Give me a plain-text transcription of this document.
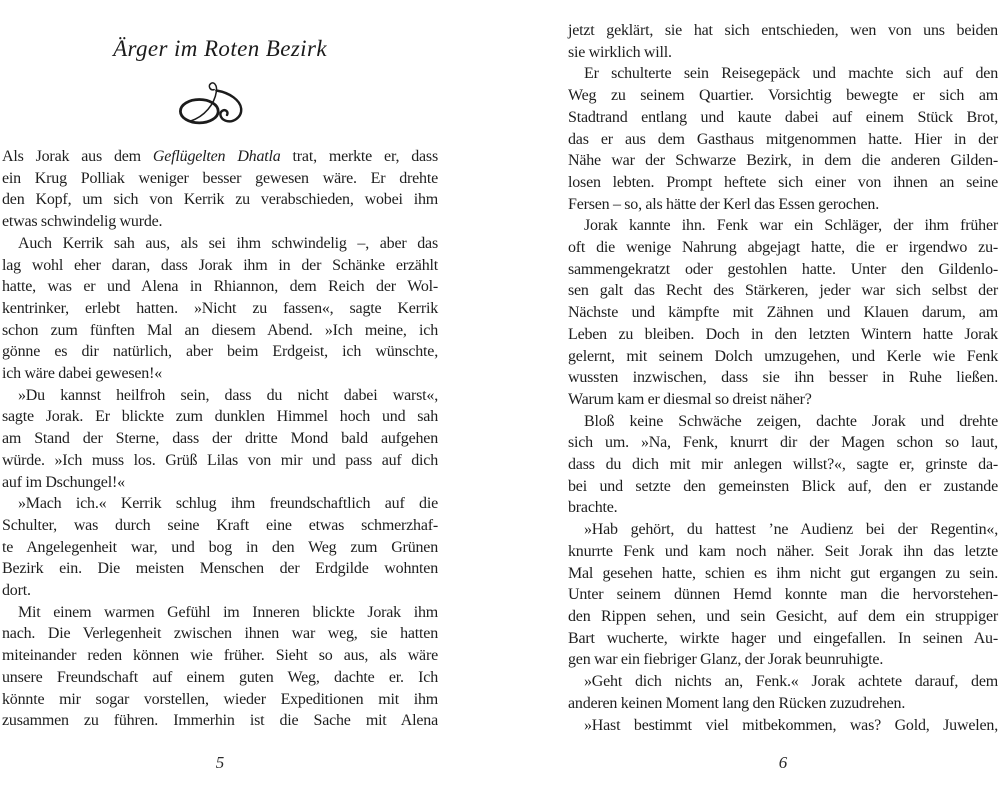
Ärger im Roten Bezirk
Als Jorak aus dem Geflügelten Dhatla trat, merkte er, dass
ein Krug Polliak weniger besser gewesen wäre. Er drehte
den Kopf, um sich von Kerrik zu verabschieden, wobei ihm
etwas schwindelig wurde.
Auch Kerrik sah aus, als sei ihm schwindelig –, aber das
lag wohl eher daran, dass Jorak ihm in der Schänke erzählt
hatte, was er und Alena in Rhiannon, dem Reich der Wol-
kentrinker, erlebt hatten. »Nicht zu fassen«, sagte Kerrik
schon zum fünften Mal an diesem Abend. »Ich meine, ich
gönne es dir natürlich, aber beim Erdgeist, ich wünschte,
ich wäre dabei gewesen!«
»Du kannst heilfroh sein, dass du nicht dabei warst«,
sagte Jorak. Er blickte zum dunklen Himmel hoch und sah
am Stand der Sterne, dass der dritte Mond bald aufgehen
würde. »Ich muss los. Grüß Lilas von mir und pass auf dich
auf im Dschungel!«
»Mach ich.« Kerrik schlug ihm freundschaftlich auf die
Schulter, was durch seine Kraft eine etwas schmerzhaf-
te Angelegenheit war, und bog in den Weg zum Grünen
Bezirk ein. Die meisten Menschen der Erdgilde wohnten
dort.
Mit einem warmen Gefühl im Inneren blickte Jorak ihm
nach. Die Verlegenheit zwischen ihnen war weg, sie hatten
miteinander reden können wie früher. Sieht so aus, als wäre
unsere Freundschaft auf einem guten Weg, dachte er. Ich
könnte mir sogar vorstellen, wieder Expeditionen mit ihm
zusammen zu führen. Immerhin ist die Sache mit Alena
jetzt geklärt, sie hat sich entschieden, wen von uns beiden
sie wirklich will.
Er schulterte sein Reisegepäck und machte sich auf den
Weg zu seinem Quartier. Vorsichtig bewegte er sich am
Stadtrand entlang und kaute dabei auf einem Stück Brot,
das er aus dem Gasthaus mitgenommen hatte. Hier in der
Nähe war der Schwarze Bezirk, in dem die anderen Gilden-
losen lebten. Prompt heftete sich einer von ihnen an seine
Fersen – so, als hätte der Kerl das Essen gerochen.
Jorak kannte ihn. Fenk war ein Schläger, der ihm früher
oft die wenige Nahrung abgejagt hatte, die er irgendwo zu-
sammengekratzt oder gestohlen hatte. Unter den Gildenlo-
sen galt das Recht des Stärkeren, jeder war sich selbst der
Nächste und kämpfte mit Zähnen und Klauen darum, am
Leben zu bleiben. Doch in den letzten Wintern hatte Jorak
gelernt, mit seinem Dolch umzugehen, und Kerle wie Fenk
wussten inzwischen, dass sie ihn besser in Ruhe ließen.
Warum kam er diesmal so dreist näher?
Bloß keine Schwäche zeigen, dachte Jorak und drehte
sich um. »Na, Fenk, knurrt dir der Magen schon so laut,
dass du dich mit mir anlegen willst?«, sagte er, grinste da-
bei und setzte den gemeinsten Blick auf, den er zustande
brachte.
»Hab gehört, du hattest ’ne Audienz bei der Regentin«,
knurrte Fenk und kam noch näher. Seit Jorak ihn das letzte
Mal gesehen hatte, schien es ihm nicht gut ergangen zu sein.
Unter seinem dünnen Hemd konnte man die hervorstehen-
den Rippen sehen, und sein Gesicht, auf dem ein struppiger
Bart wucherte, wirkte hager und eingefallen. In seinen Au-
gen war ein fiebriger Glanz, der Jorak beunruhigte.
»Geht dich nichts an, Fenk.« Jorak achtete darauf, dem
anderen keinen Moment lang den Rücken zuzudrehen.
»Hast bestimmt viel mitbekommen, was? Gold, Juwelen,
5	6
